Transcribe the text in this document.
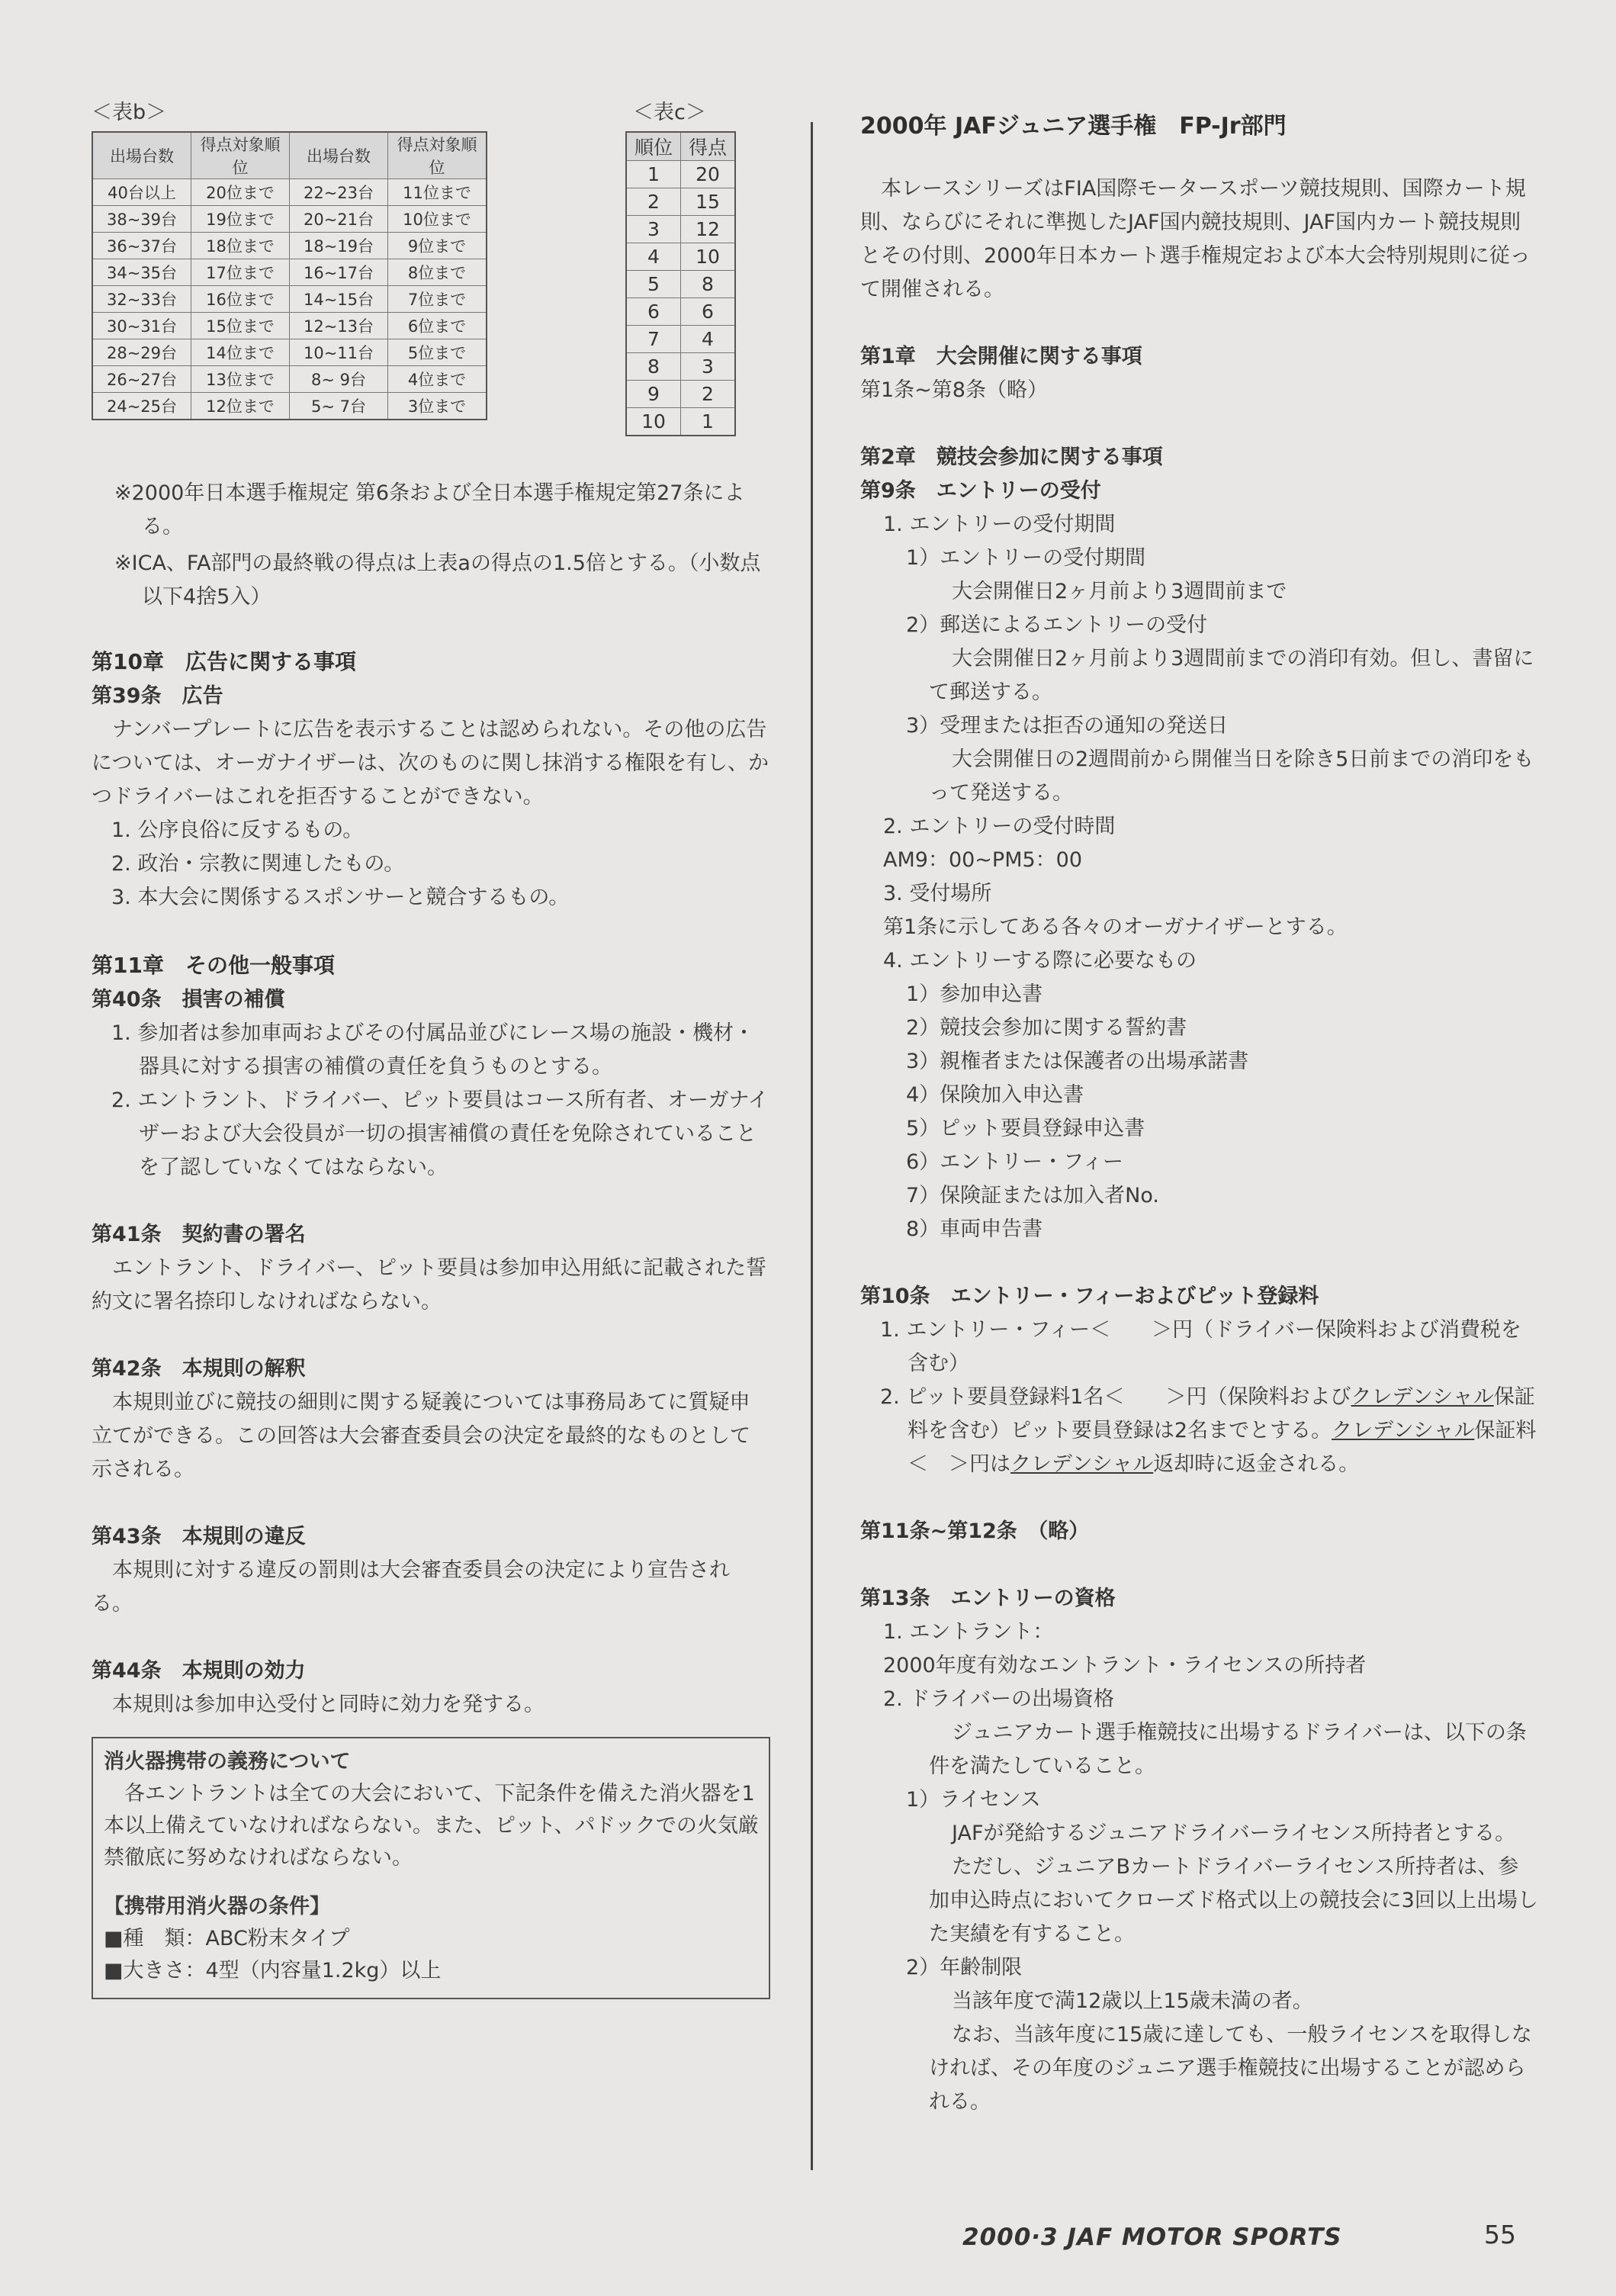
＜表b＞
出場台数	得点対象順位	出場台数	得点対象順位
40台以上	20位まで	22~23台	11位まで
38~39台	19位まで	20~21台	10位まで
36~37台	18位まで	18~19台	9位まで
34~35台	17位まで	16~17台	8位まで
32~33台	16位まで	14~15台	7位まで
30~31台	15位まで	12~13台	6位まで
28~29台	14位まで	10~11台	5位まで
26~27台	13位まで	8~ 9台	4位まで
24~25台	12位まで	5~ 7台	3位まで
＜表c＞
順位	得点
1	20
2	15
3	12
4	10
5	8
6	6
7	4
8	3
9	2
10	1
※2000年日本選手権規定 第6条および全日本選手権規定第27条による。
※ICA、FA部門の最終戦の得点は上表aの得点の1.5倍とする。（小数点以下4捨5入）
第10章　広告に関する事項
第39条　広告
ナンバープレートに広告を表示することは認められない。その他の広告については、オーガナイザーは、次のものに関し抹消する権限を有し、かつドライバーはこれを拒否することができない。
1. 公序良俗に反するもの。
2. 政治・宗教に関連したもの。
3. 本大会に関係するスポンサーと競合するもの。
第11章　その他一般事項
第40条　損害の補償
1. 参加者は参加車両およびその付属品並びにレース場の施設・機材・器具に対する損害の補償の責任を負うものとする。
2. エントラント、ドライバー、ピット要員はコース所有者、オーガナイザーおよび大会役員が一切の損害補償の責任を免除されていることを了認していなくてはならない。
第41条　契約書の署名
エントラント、ドライバー、ピット要員は参加申込用紙に記載された誓約文に署名捺印しなければならない。
第42条　本規則の解釈
本規則並びに競技の細則に関する疑義については事務局あてに質疑申立てができる。この回答は大会審査委員会の決定を最終的なものとして示される。
第43条　本規則の違反
本規則に対する違反の罰則は大会審査委員会の決定により宣告される。
第44条　本規則の効力
本規則は参加申込受付と同時に効力を発する。
消火器携帯の義務について
各エントラントは全ての大会において、下記条件を備えた消火器を1本以上備えていなければならない。また、ピット、パドックでの火気厳禁徹底に努めなければならない。
【携帯用消火器の条件】
■種　類：ABC粉末タイプ
■大きさ：4型（内容量1.2kg）以上
2000年 JAFジュニア選手権　FP-Jr部門
本レースシリーズはFIA国際モータースポーツ競技規則、国際カート規則、ならびにそれに準拠したJAF国内競技規則、JAF国内カート競技規則とその付則、2000年日本カート選手権規定および本大会特別規則に従って開催される。
第1章　大会開催に関する事項
第1条~第8条（略）
第2章　競技会参加に関する事項
第9条　エントリーの受付
1. エントリーの受付期間
1）エントリーの受付期間
大会開催日2ヶ月前より3週間前まで
2）郵送によるエントリーの受付
大会開催日2ヶ月前より3週間前までの消印有効。但し、書留にて郵送する。
3）受理または拒否の通知の発送日
大会開催日の2週間前から開催当日を除き5日前までの消印をもって発送する。
2. エントリーの受付時間
AM9：00~PM5：00
3. 受付場所
第1条に示してある各々のオーガナイザーとする。
4. エントリーする際に必要なもの
1）参加申込書
2）競技会参加に関する誓約書
3）親権者または保護者の出場承諾書
4）保険加入申込書
5）ピット要員登録申込書
6）エントリー・フィー
7）保険証または加入者No.
8）車両申告書
第10条　エントリー・フィーおよびピット登録料
1. エントリー・フィー＜　　＞円（ドライバー保険料および消費税を含む）
2. ピット要員登録料1名＜　　＞円（保険料およびクレデンシャル保証料を含む）ピット要員登録は2名までとする。クレデンシャル保証料＜　＞円はクレデンシャル返却時に返金される。
第11条~第12条　（略）
第13条　エントリーの資格
1. エントラント：
2000年度有効なエントラント・ライセンスの所持者
2. ドライバーの出場資格
ジュニアカート選手権競技に出場するドライバーは、以下の条件を満たしていること。
1）ライセンス
JAFが発給するジュニアドライバーライセンス所持者とする。
ただし、ジュニアBカートドライバーライセンス所持者は、参加申込時点においてクローズド格式以上の競技会に3回以上出場した実績を有すること。
2）年齢制限
当該年度で満12歳以上15歳未満の者。
なお、当該年度に15歳に達しても、一般ライセンスを取得しなければ、その年度のジュニア選手権競技に出場することが認められる。
2000·3 JAF MOTOR SPORTS	55
